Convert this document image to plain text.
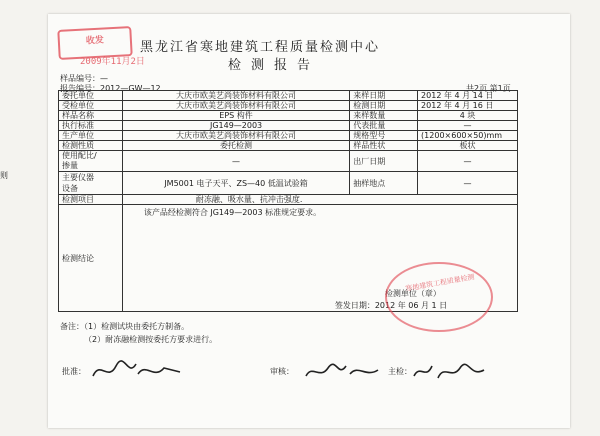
收发
2009年11月2日
黑龙江省寒地建筑工程质量检测中心
检测报告
样品编号：—
报告编号：2012—GW—12	共2页 第1页
则
委托单位	大庆市欧美艺尚装饰材料有限公司	来样日期	2012 年 4 月 14 日
受检单位	大庆市欧美艺尚装饰材料有限公司	检测日期	2012 年 4 月 16 日
样品名称	EPS 构件	来样数量	4 块
执行标准	JG149—2003	代表批量	—
生产单位	大庆市欧美艺尚装饰材料有限公司	规格型号	(1200×600×50)mm
检测性质	委托检测	样品性状	板状
使用配比/
掺量	—	出厂日期	—
主要仪器
设备	JM5001 电子天平、ZS—40 低温试验箱	抽样地点	—
检测项目	耐冻融、吸水量、抗冲击强度.		
检测结论	该产品经检测符合 JG149—2003 标准规定要求。
检测单位（章）
签发日期：2012 年 06 月 1 日		
寒地建筑工程质量检测
备注：（1）检测试块由委托方制备。
（2）耐冻融检测按委托方要求进行。
批准：	审核：	主检：
